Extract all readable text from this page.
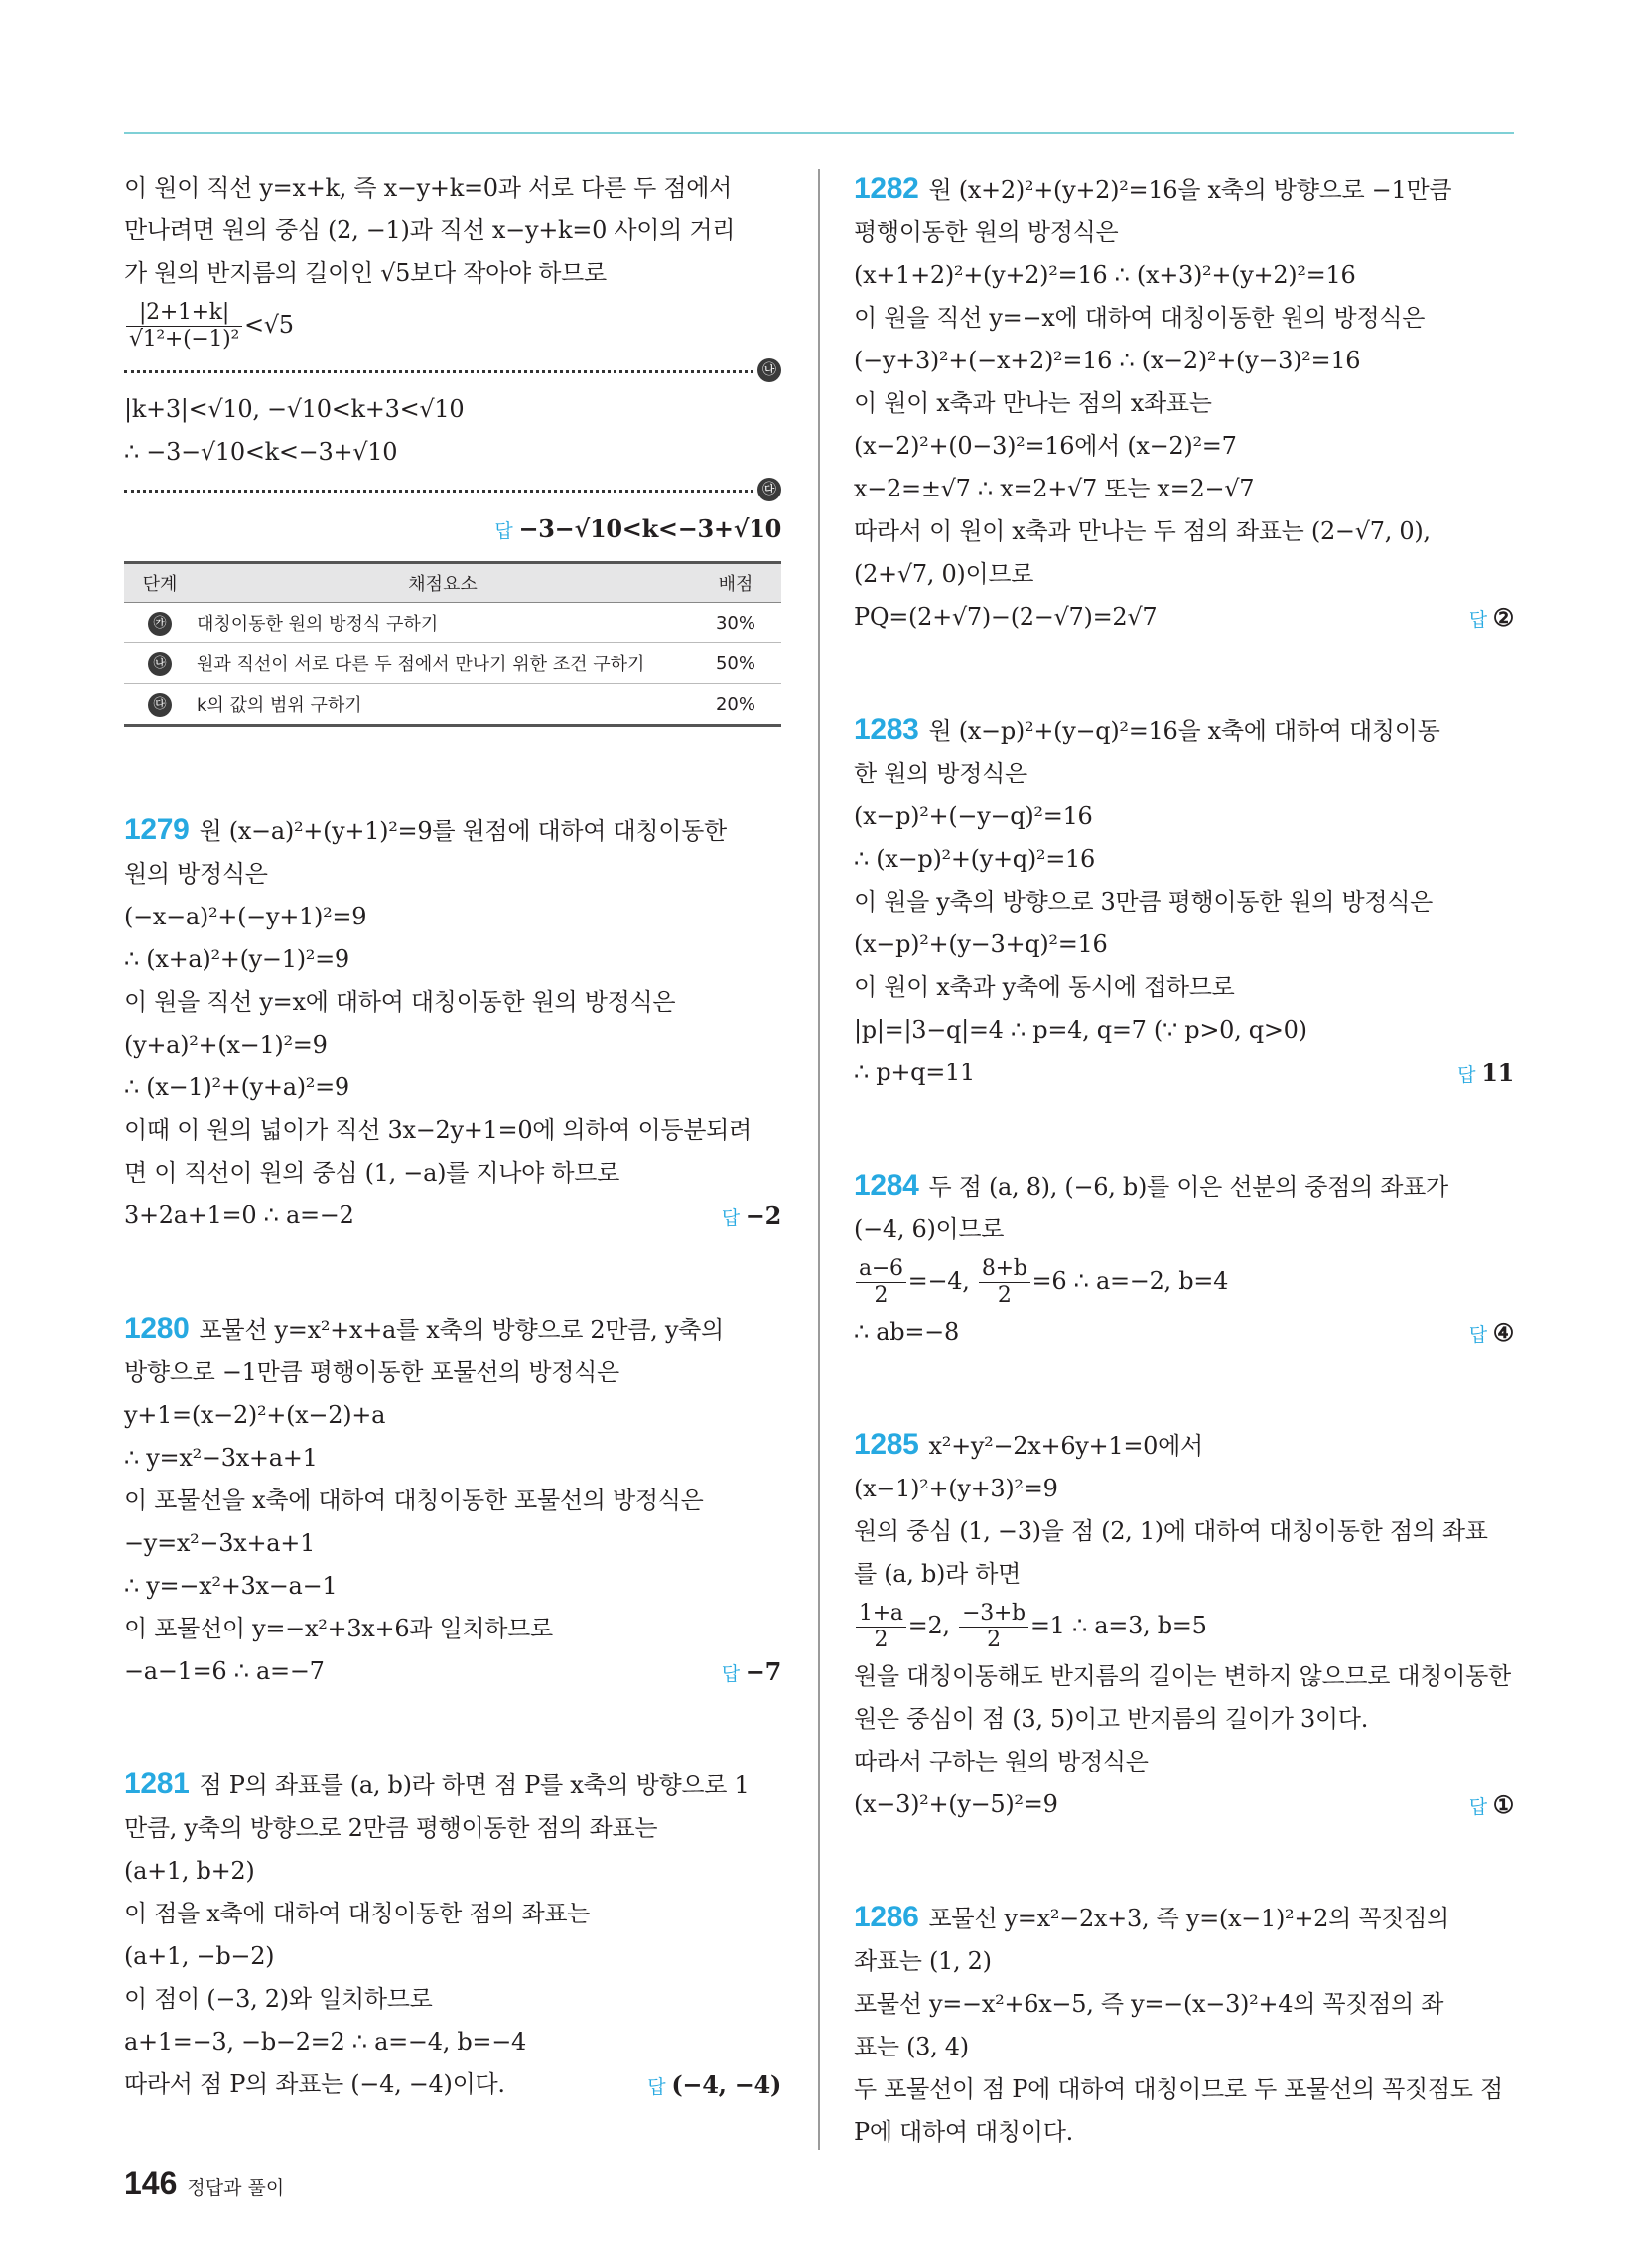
이 원이 직선 y=x+k, 즉 x−y+k=0과 서로 다른 두 점에서
만나려면 원의 중심 (2, −1)과 직선 x−y+k=0 사이의 거리
가 원의 반지름의 길이인 √5보다 작아야 하므로
$\frac{|2+1+k|}{\text{√1²+(−1)²}} <√5$
㉯
|k+3|<√10, −√10<k+3<√10
∴ −3−√10<k<−3+√10
㉰
답 −3−√10<k<−3+√10
단계	채점요소	배점
㉮	대칭이동한 원의 방정식 구하기	30%
㉯	원과 직선이 서로 다른 두 점에서 만나기 위한 조건 구하기	50%
㉰	k의 값의 범위 구하기	20%
1279 원 (x−a)²+(y+1)²=9를 원점에 대하여 대칭이동한
원의 방정식은
(−x−a)²+(−y+1)²=9
∴ (x+a)²+(y−1)²=9
이 원을 직선 y=x에 대하여 대칭이동한 원의 방정식은
(y+a)²+(x−1)²=9
∴ (x−1)²+(y+a)²=9
이때 이 원의 넓이가 직선 3x−2y+1=0에 의하여 이등분되려
면 이 직선이 원의 중심 (1, −a)를 지나야 하므로
3+2a+1=0 ∴ a=−2	답 −2
1280 포물선 y=x²+x+a를 x축의 방향으로 2만큼, y축의
방향으로 −1만큼 평행이동한 포물선의 방정식은
y+1=(x−2)²+(x−2)+a
∴ y=x²−3x+a+1
이 포물선을 x축에 대하여 대칭이동한 포물선의 방정식은
−y=x²−3x+a+1
∴ y=−x²+3x−a−1
이 포물선이 y=−x²+3x+6과 일치하므로
−a−1=6 ∴ a=−7	답 −7
1281 점 P의 좌표를 (a, b)라 하면 점 P를 x축의 방향으로 1
만큼, y축의 방향으로 2만큼 평행이동한 점의 좌표는
(a+1, b+2)
이 점을 x축에 대하여 대칭이동한 점의 좌표는
(a+1, −b−2)
이 점이 (−3, 2)와 일치하므로
a+1=−3, −b−2=2 ∴ a=−4, b=−4
따라서 점 P의 좌표는 (−4, −4)이다.	답 (−4, −4)
1282 원 (x+2)²+(y+2)²=16을 x축의 방향으로 −1만큼
평행이동한 원의 방정식은
(x+1+2)²+(y+2)²=16 ∴ (x+3)²+(y+2)²=16
이 원을 직선 y=−x에 대하여 대칭이동한 원의 방정식은
(−y+3)²+(−x+2)²=16 ∴ (x−2)²+(y−3)²=16
이 원이 x축과 만나는 점의 x좌표는
(x−2)²+(0−3)²=16에서 (x−2)²=7
x−2=±√7 ∴ x=2+√7 또는 x=2−√7
따라서 이 원이 x축과 만나는 두 점의 좌표는 (2−√7, 0),
(2+√7, 0)이므로
PQ=(2+√7)−(2−√7)=2√7	답 ②
1283 원 (x−p)²+(y−q)²=16을 x축에 대하여 대칭이동
한 원의 방정식은
(x−p)²+(−y−q)²=16
∴ (x−p)²+(y+q)²=16
이 원을 y축의 방향으로 3만큼 평행이동한 원의 방정식은
(x−p)²+(y−3+q)²=16
이 원이 x축과 y축에 동시에 접하므로
|p|=|3−q|=4 ∴ p=4, q=7 (∵ p>0, q>0)
∴ p+q=11	답 11
1284 두 점 (a, 8), (−6, b)를 이은 선분의 중점의 좌표가
(−4, 6)이므로
$\frac{a-6}{2} =-4$, $\frac{8+b}{2} =6$ ∴ a=−2, b=4
∴ ab=−8	답 ④
1285 x²+y²−2x+6y+1=0에서
(x−1)²+(y+3)²=9
원의 중심 (1, −3)을 점 (2, 1)에 대하여 대칭이동한 점의 좌표
를 (a, b)라 하면
$\frac{1+a}{2} =2$, $\frac{-3+b}{2} =1$ ∴ a=3, b=5
원을 대칭이동해도 반지름의 길이는 변하지 않으므로 대칭이동한
원은 중심이 점 (3, 5)이고 반지름의 길이가 3이다.
따라서 구하는 원의 방정식은
(x−3)²+(y−5)²=9	답 ①
1286 포물선 y=x²−2x+3, 즉 y=(x−1)²+2의 꼭짓점의
좌표는 (1, 2)
포물선 y=−x²+6x−5, 즉 y=−(x−3)²+4의 꼭짓점의 좌
표는 (3, 4)
두 포물선이 점 P에 대하여 대칭이므로 두 포물선의 꼭짓점도 점
P에 대하여 대칭이다.
146 정답과 풀이
